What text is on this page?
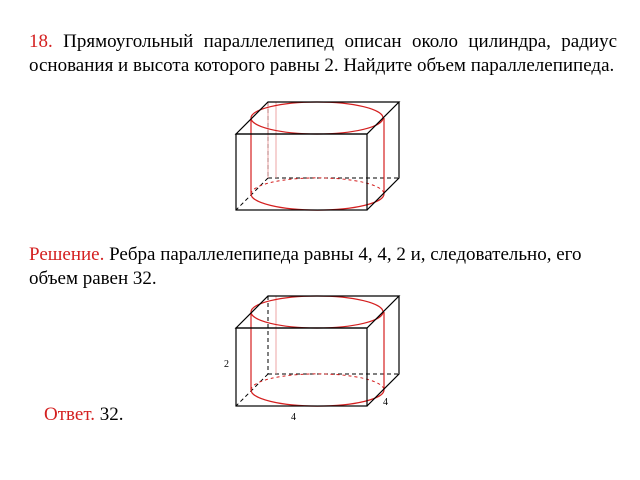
18. Прямоугольный параллелепипед описан около цилиндра, радиус основания и высота которого равны 2. Найдите объем параллелепипеда.

Решение. Ребра параллелепипеда равны 4, 4, 2 и, следовательно, его объем равен 32.

2
4
4

Ответ. 32.
